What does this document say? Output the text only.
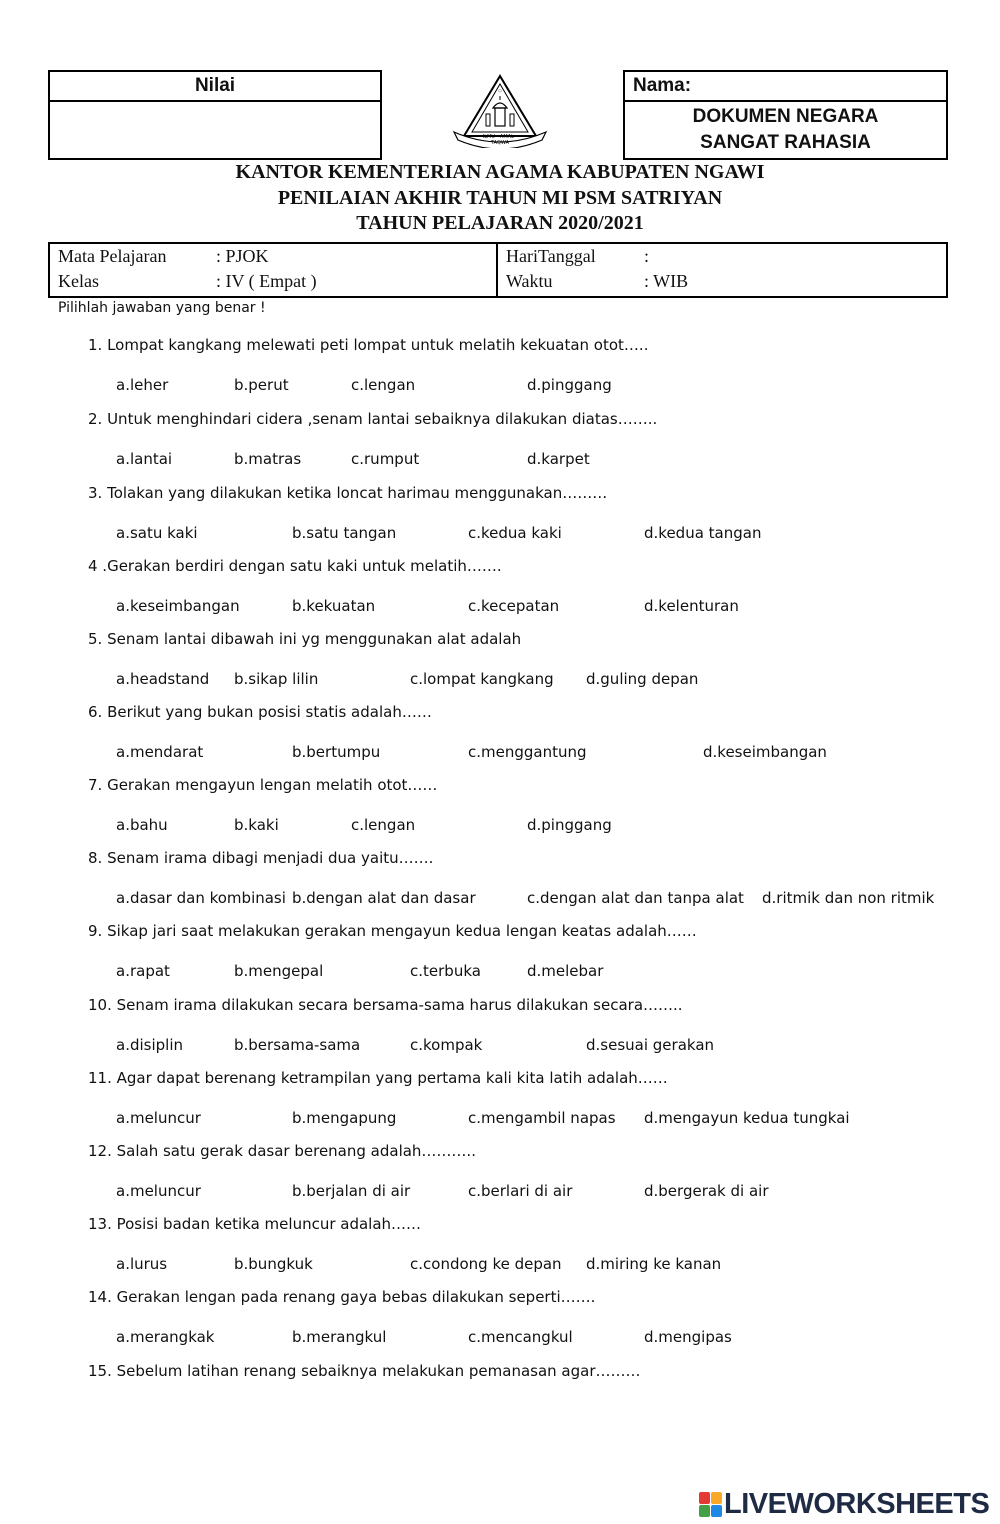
Nilai	۞
ILMU - AMAL - TAQWA
Nama:
DOKUMEN NEGARA
SANGAT RAHASIA
KANTOR KEMENTERIAN AGAMA KABUPATEN NGAWI
PENILAIAN AKHIR TAHUN MI PSM SATRIYAN
TAHUN PELAJARAN 2020/2021
Mata Pelajaran	: PJOK
Kelas	: IV ( Empat )
HariTanggal	:
Waktu	: WIB
Pilihlah jawaban yang benar !
1. Lompat kangkang melewati peti lompat untuk melatih kekuatan otot…..
a.leher	b.perut	c.lengan	d.pinggang
2. Untuk menghindari cidera ,senam lantai sebaiknya dilakukan diatas……..
a.lantai	b.matras	c.rumput	d.karpet
3. Tolakan yang dilakukan ketika loncat harimau menggunakan………
a.satu kaki	b.satu tangan	c.kedua kaki	d.kedua tangan
4 .Gerakan berdiri dengan satu kaki untuk melatih…….
a.keseimbangan	b.kekuatan	c.kecepatan	d.kelenturan
5. Senam lantai dibawah ini yg menggunakan alat adalah
a.headstand b.sikap lilin	c.lompat kangkang d.guling depan
6. Berikut yang bukan posisi statis adalah……
a.mendarat	b.bertumpu	c.menggantung	d.keseimbangan
7. Gerakan mengayun lengan melatih otot……
a.bahu	b.kaki	c.lengan	d.pinggang
8. Senam irama dibagi menjadi dua yaitu…….
a.dasar dan kombinasi b.dengan alat dan dasar	c.dengan alat dan tanpa alat d.ritmik dan non ritmik
9. Sikap jari saat melakukan gerakan mengayun kedua lengan keatas adalah……
a.rapat	b.mengepal	c.terbuka	d.melebar
10. Senam irama dilakukan secara bersama-sama harus dilakukan secara……..
a.disiplin	b.bersama-sama	c.kompak	d.sesuai gerakan
11. Agar dapat berenang ketrampilan yang pertama kali kita latih adalah……
a.meluncur	b.mengapung	c.mengambil napas d.mengayun kedua tungkai
12. Salah satu gerak dasar berenang adalah………..
a.meluncur	b.berjalan di air	c.berlari di air	d.bergerak di air
13. Posisi badan ketika meluncur adalah……
a.lurus	b.bungkuk	c.condong ke depan d.miring ke kanan
14. Gerakan lengan pada renang gaya bebas dilakukan seperti…….
a.merangkak	b.merangkul	c.mencangkul	d.mengipas
15. Sebelum latihan renang sebaiknya melakukan pemanasan agar………
LIVEWORKSHEETS
